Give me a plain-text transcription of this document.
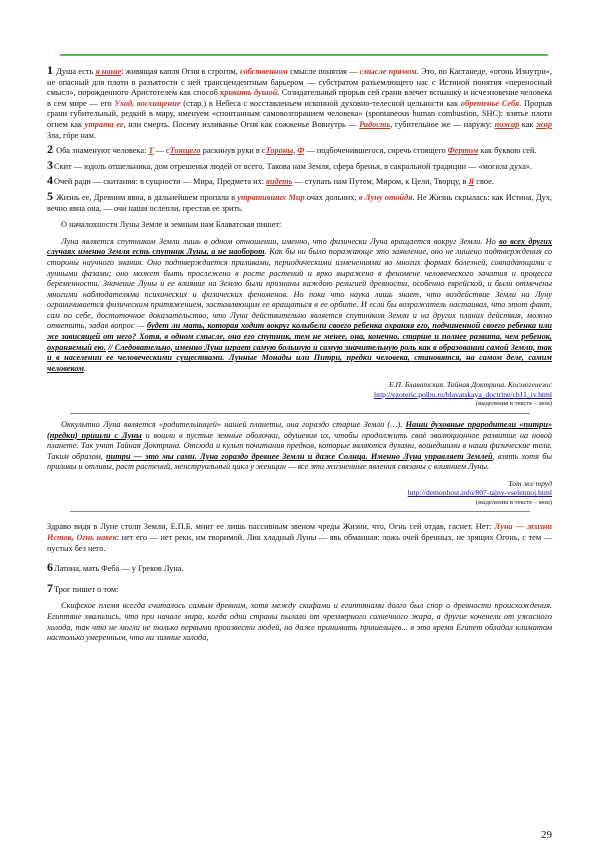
1 Душа есть я наше: живящая капля Огня в строгом, собственном смысле понятия — смысле прямом. Это, по Кастанеде, «огонь Изнутри», не опасный для плоти в разъятости с ней трансцендентным барьером — субстратом разъемлющего нас с Истиной понятия «переносный смысл», порожденного Аристотелем как способ кривить душой. Созидательный прорыв сей грани влечет вспышку и исчезновение человека в сем мире — его Уход, восхищение (стар.) в Небеса с восставленьем исконной духовно-телесной цельности как обретенье Себя. Прорыв грани губительный, редкий в миру, именуем «спонтанным самовозгоранием человека» (spontaneous human combustion, SHC): взятье плоти огнем как утрата ее, или смерть. Посему изливанье Огня как сожженье Вовнутрь — Радость, губительное же — наружу: пожар как жор Зла, гóре нам.

2 Оба знаменуют человека: Т — сТоящего раскинув руки в сТороны, Ф — подбоченившегося, сиречь стоящего Фертом как буквою сей.

3Скит — юдоль отшельника, дом отрешенья людей от всего. Такова нам Земля, сфера бренья, в сакральной традиции — «могила духа».

4Очей ради — скитания: в сущности — Мира, Предмета их: видеть — ступать нам Путем, Миром, к Цели, Творцу, в Я свое.

5 Жизнь ее, Древним явна, в дальнейшем пропала в утративших Мир очах дольних, в Луну отойдя. Не Жизнь скрылась: как Истина, Дух, вечно явна она, — очи наши ослепли, престав ее зрить.

О началохности Луны Земле и земным нам Блаватская пишет:

Луна является спутником Земли лишь в одном отношении, именно, что физически Луна вращается вокруг Земли. Но во всех других случаях именно Земля есть спутник Луны, а не наоборот. Как бы ни было поражающе это заявление, оно не лишено подтверждения со стороны научного знания. Оно подтверждается приливами, периодическими изменениями во многих формах болезней, совпадающими с лунными фазами; оно может быть прослежено в росте растений и ярко выражено в феномене человеческого зачатия и процесса беременности. Значение Луны и ее влияние на Землю были признаны каждою религией древности, особенно еврейской, и были отмечены многими наблюдателями психических и физических феноменов. Но пока что наука лишь знает, что воздействие Земли на Луну ограничивается физическим притяжением, заставляющим ее вращаться в ее орбите. И если бы возражатель настаивал, что этот факт, сам по себе, достаточное доказательство, что Луна действительно является спутником Земли и на других планах действия, можно ответить, задав вопрос — будет ли мать, которая ходит вокруг колыбели своего ребенка охраняя его, подчиненной своего ребенка или же зависящей от него? Хотя, в одном смысле, она его спутник, тем не менее, она, конечно, старше и полнее развита, чем ребенок, охраняемый ею. // Следовательно, именно Луна играет самую большую и самую значительную роль как в образовании самой Земли, так и в населении ее человеческими существами. Лунные Монады или Питри, предки человека, становятся, на самом деле, самим человеком.

Е.П. Блаватская. Тайная Доктрина. Космогенезис
http://ezoteric.polbu.ru/blavatskaya_doctrine/ch11_iv.html
(выделения в тексте – мои)

Оккультно Луна является «родительницей» нашей планеты, она гораздо старше Земли (…). Наши духовные прародители «питри» (предки) пришли с Луны и вошли в пустые земные оболочки, одушевив их, чтобы продолжить своё эволюционное развитие на новой планете. Так учит Тайная Доктрина. Отсюда и культ почитания предков, которые являются духами, вошедшими в наши физические тела. Таким образом, питри — это мы сами. Луна гораздо древнее Земли и даже Солнца. Именно Луна управляет Землей, взять хотя бы приливы и отливы, рост растений, менструальный цикл у женщин — все эти жизненные явления связаны с влиянием Луны.

Тот же труд
http://demonhost.info/807-tajny-vselennoj.html
(выделения в тексте – мои)

Здраво видя в Луне столп Земли, Е.П.Б. мнит ее лишь пассивным звеном чреды Жизни, что, Огнь сей отдав, гаснет. Нет: Луна — жизни Исток, Огнь навек: нет его — нет реки, им творимой. Лик хладный Луны — явь обманная: ложь очей бренных, не зрящих Огонь, с тем — пустых без него.

6Латона, мать Феба — у Греков Луна.

7Трог пишет о том:

Скифское племя всегда считалось самым древним, хотя между скифами и египтянами долго был спор о древности происхождения. Египтяне хвалились, что при начале мира, когда одни страны пылали от чрезмерного солнечного жара, а другие коченели от ужасного холода, так что не могли не только первыми произвести людей, но даже принимать пришельцев... в это время Египет обладал климатом настолько умеренным, что ни зимние холода,

29
